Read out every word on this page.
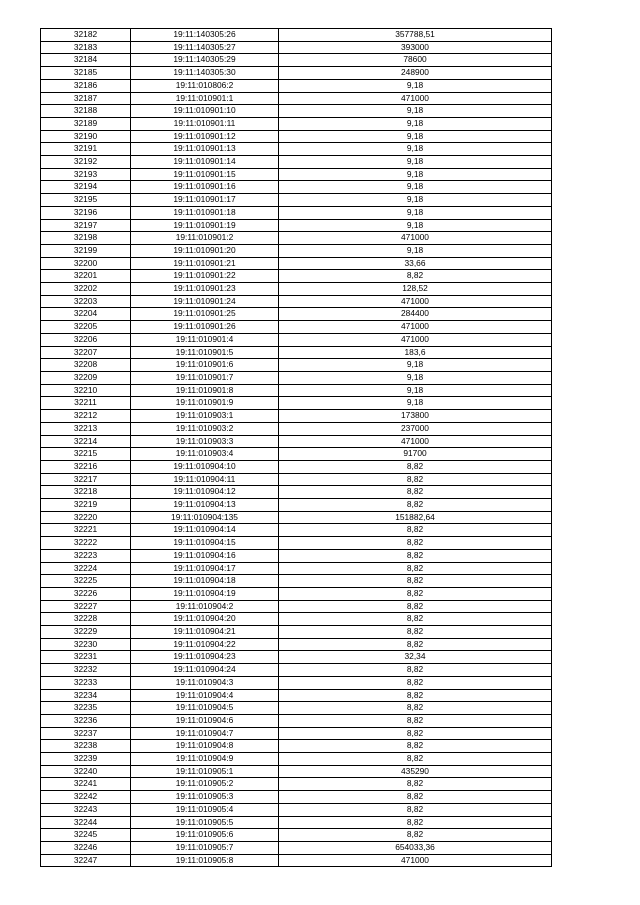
32182	19:11:140305:26	357788,51
32183	19:11:140305:27	393000
32184	19:11:140305:29	78600
32185	19:11:140305:30	248900
32186	19:11:010806:2	9,18
32187	19:11:010901:1	471000
32188	19:11:010901:10	9,18
32189	19:11:010901:11	9,18
32190	19:11:010901:12	9,18
32191	19:11:010901:13	9,18
32192	19:11:010901:14	9,18
32193	19:11:010901:15	9,18
32194	19:11:010901:16	9,18
32195	19:11:010901:17	9,18
32196	19:11:010901:18	9,18
32197	19:11:010901:19	9,18
32198	19:11:010901:2	471000
32199	19:11:010901:20	9,18
32200	19:11:010901:21	33,66
32201	19:11:010901:22	8,82
32202	19:11:010901:23	128,52
32203	19:11:010901:24	471000
32204	19:11:010901:25	284400
32205	19:11:010901:26	471000
32206	19:11:010901:4	471000
32207	19:11:010901:5	183,6
32208	19:11:010901:6	9,18
32209	19:11:010901:7	9,18
32210	19:11:010901:8	9,18
32211	19:11:010901:9	9,18
32212	19:11:010903:1	173800
32213	19:11:010903:2	237000
32214	19:11:010903:3	471000
32215	19:11:010903:4	91700
32216	19:11:010904:10	8,82
32217	19:11:010904:11	8,82
32218	19:11:010904:12	8,82
32219	19:11:010904:13	8,82
32220	19:11:010904:135	151882,64
32221	19:11:010904:14	8,82
32222	19:11:010904:15	8,82
32223	19:11:010904:16	8,82
32224	19:11:010904:17	8,82
32225	19:11:010904:18	8,82
32226	19:11:010904:19	8,82
32227	19:11:010904:2	8,82
32228	19:11:010904:20	8,82
32229	19:11:010904:21	8,82
32230	19:11:010904:22	8,82
32231	19:11:010904:23	32,34
32232	19:11:010904:24	8,82
32233	19:11:010904:3	8,82
32234	19:11:010904:4	8,82
32235	19:11:010904:5	8,82
32236	19:11:010904:6	8,82
32237	19:11:010904:7	8,82
32238	19:11:010904:8	8,82
32239	19:11:010904:9	8,82
32240	19:11:010905:1	435290
32241	19:11:010905:2	8,82
32242	19:11:010905:3	8,82
32243	19:11:010905:4	8,82
32244	19:11:010905:5	8,82
32245	19:11:010905:6	8,82
32246	19:11:010905:7	654033,36
32247	19:11:010905:8	471000
